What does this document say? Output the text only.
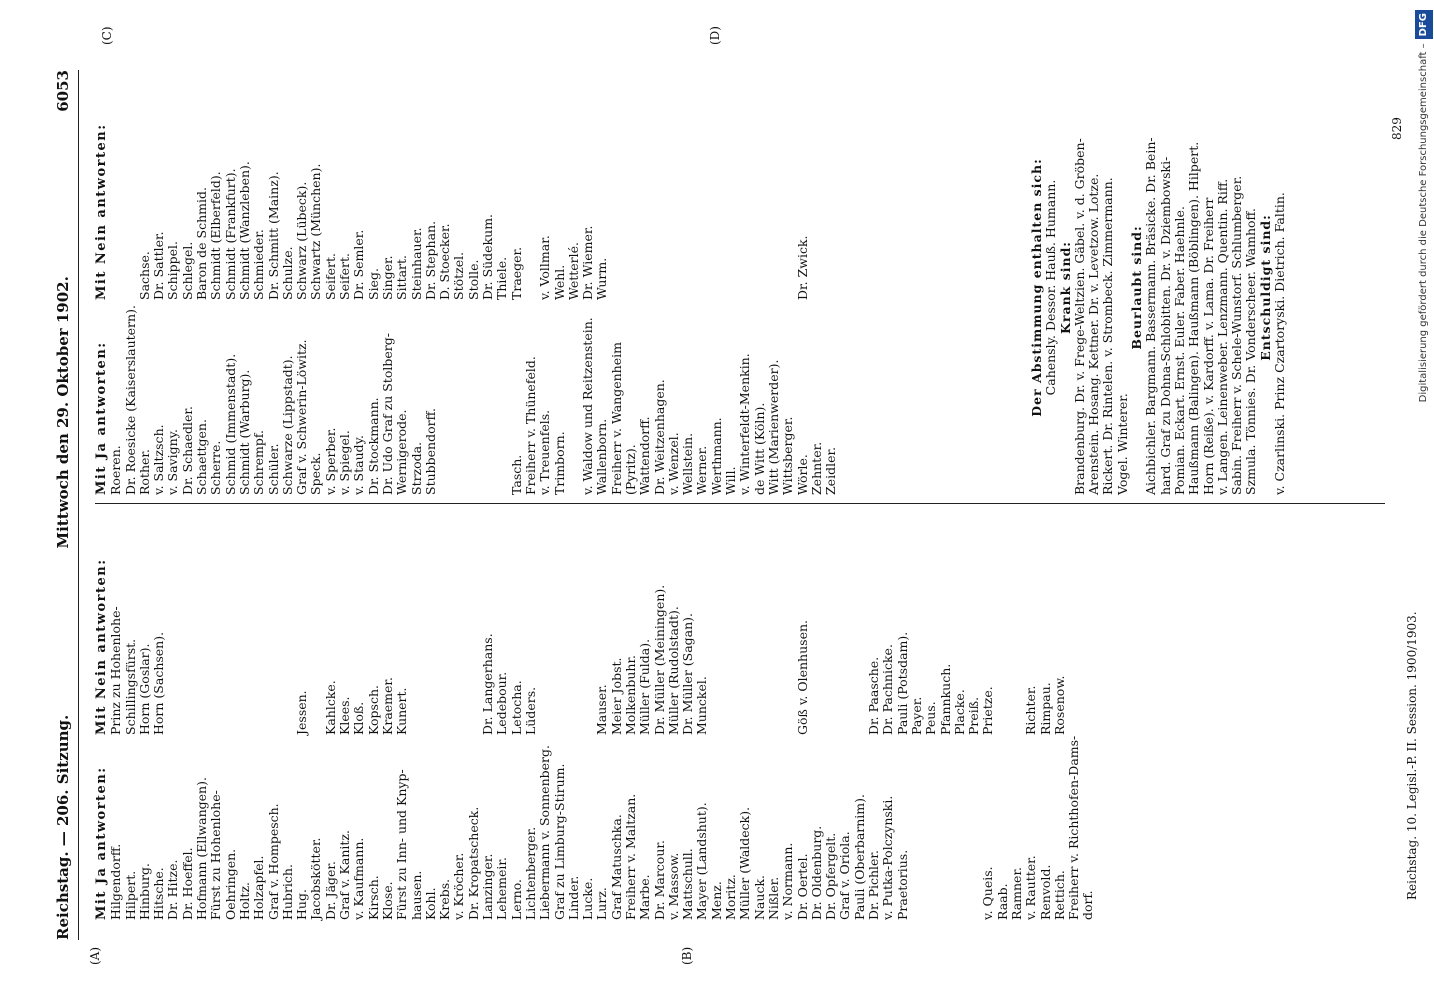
Reichstag. — 206. Sitzung.
Mittwoch den 29. Oktober 1902.
6053
(A)	(B)
(C)	(D)
Mit Ja antworten: Hilgendorff. Hilpert. Hinburg. Hitsche. Dr. Hitze. Dr. Hoeffel. Hofmann (Ellwangen). Fürst zu Hohenlohe- Oehringen. Holtz. Holzapfel. Graf v. Hompesch. Hubrich. Hug. Jacobskötter. Dr. Jäger. Graf v. Kanitz. v. Kaufmann. Kirsch. Klose. Fürst zu Inn- und Knyp- hausen. Kohl. Krebs. v. Kröcher. Dr. Kropatscheck. Lanzinger. Lehemeir. Lerno. Lichtenberger. Liebermann v. Sonnenberg. Graf zu Limburg-Stirum. Linder. Lucke. Lurz. Graf Matuschka. Freiherr v. Maltzan. Marbe. Dr. Marcour. v. Massow. Mattschull. Mayer (Landshut). Menz. Moritz. Müller (Waldeck). Nauck. Nißler. v. Normann. Dr. Oertel. Dr. Oldenburg. Dr. Opfergelt. Graf v. Oriola. Pauli (Oberbarnim). Dr. Pichler. v. Putka-Polczynski. Praetorius.	v. Queis. Raab. Ramner. v. Rautter. Renvold. Rettich. Freiherr v. Richthofen-Dams- dorf.
Mit Nein antworten: Prinz zu Hohenlohe- Schillingsfürst. Horn (Goslar). Horn (Sachsen).	Jessen. Kahlcke. Klees. Kloß. Kopsch. Kraemer. Kunert.	Dr. Langerhans. Ledebour. Letocha. Lüders.	Mauser. Meier Jobst. Molkenbuhr. Müller (Fulda). Dr. Müller (Meiningen). Müller (Rudolstadt). Dr. Müller (Sagan). Munckel.	Göß v. Olenhusen.	Dr. Paasche. Dr. Pachnicke. Pauli (Potsdam). Payer. Peus. Pfannkuch. Placke. Preiß. Prietze. Richter. Rimpau. Rosenow.
Mit Ja antworten: Roeren. Dr. Roesicke (Kaiserslautern). Rother. v. Saltzsch. v. Savigny. Dr. Schaedler. Schaettgen. Scherre. Schmid (Immenstadt). Schmidt (Warburg). Schrempf. Schüler. Schwarze (Lippstadt). Graf v. Schwerin-Löwitz. Speck. v. Sperber. v. Spiegel. v. Staudy. Dr. Stockmann. Dr. Udo Graf zu Stolberg- Wernigerode. Strzoda. Stubbendorff.	Tasch. Freiherr v. Thünefeld. v. Treuenfels. Trimborn. v. Waldow und Reitzenstein. Wallenborn. Freiherr v. Wangenheim (Pyritz). Wattendorff. Dr. Weitzenhagen. v. Wenzel. Wellstein. Werner. Werthmann. Will. v. Winterfeldt-Menkin. de Witt (Köln). Witt (Marienwerder). Wittsberger. Wörle. Zehnter. Zeidler.
Mit Nein antworten: Sachse. Dr. Sattler. Schippel. Schlegel. Baron de Schmid. Schmidt (Elberfeld). Schmidt (Frankfurt). Schmidt (Wanzleben). Schmieder. Dr. Schmitt (Mainz). Schulze. Schwarz (Lübeck). Schwartz (München). Seifert. Seifert. Dr. Semler. Sieg. Singer. Sittart. Steinhauer. Dr. Stephan. D. Stoecker. Stötzel. Stolle. Dr. Südekum. Thiele. Traeger. v. Vollmar. Wehl. Wetterlé. Dr. Wiemer. Wurm.	Dr. Zwick.	Der Abstimmung enthalten sich: Cahensly. Dessor. Hauß. Humann. Krank sind: Brandenburg. Dr. v. Frege-Weltzien. Gäbel. v. d. Gröben- Arenstein. Hosang. Kettner. Dr. v. Levetzow. Lotze. Rickert. Dr. Rintelen. v. Strombeck. Zimmermann. Vogel. Winterer.
Beurlaubt sind: Aichbichler. Bargmann. Bassermann. Bräsicke. Dr. Bein- hard. Graf zu Dohna-Schlobitten. Dr. v. Dziembowski- Pomian. Eckart. Ernst. Euler. Faber. Haehnle. Haußmann (Balingen). Haußmann (Böblingen). Hilpert. Horn (Reiße). v. Kardorff. v. Lama. Dr. Freiherr v. Langen. Leinenweber. Lenzmann. Quentin. Riff. Sabin. Freiherr v. Schele-Wunstorf. Schlumberger. Szmula. Tönnies. Dr. Vonderscheer. Wamhoff. Entschuldigt sind: v. Czarlinski. Prinz Czartoryski. Dietrich. Faltin.
Reichstag. 10. Legisl.-P. II. Session. 1900/1903.
829	Digitalisierung gefördert durch die Deutsche Forschungsgemeinschaft –DFG
